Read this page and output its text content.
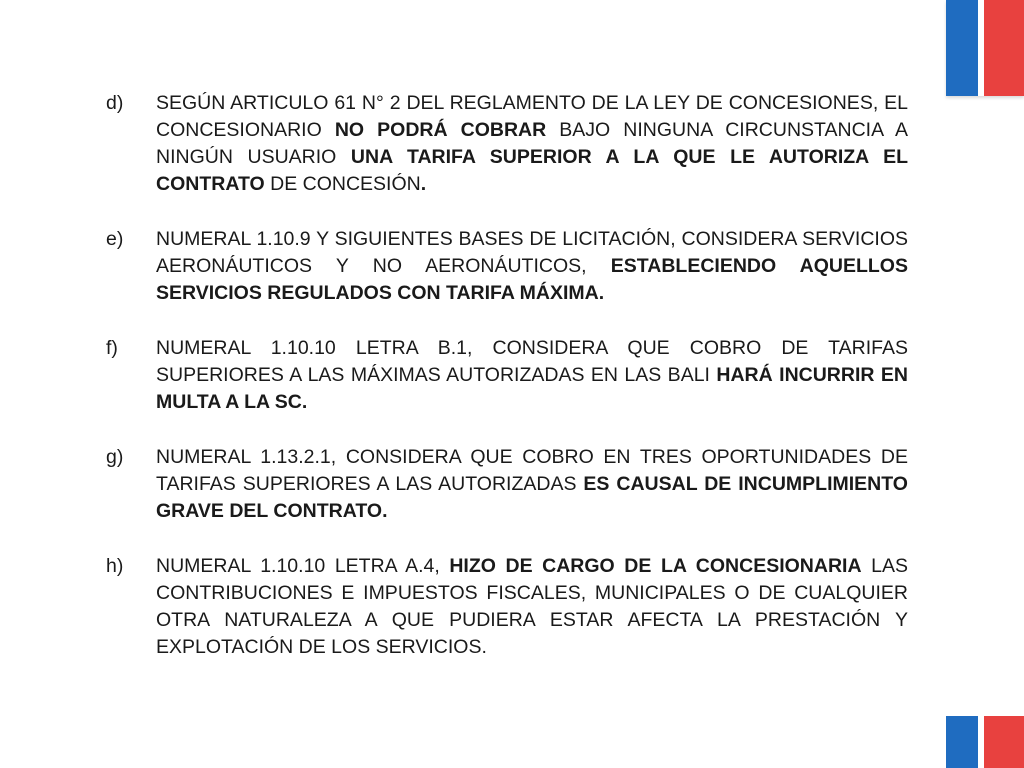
d)	SEGÚN ARTICULO 61 N° 2 DEL REGLAMENTO DE LA LEY DE CONCESIONES, EL CONCESIONARIO NO PODRÁ COBRAR BAJO NINGUNA CIRCUNSTANCIA A NINGÚN USUARIO UNA TARIFA SUPERIOR A LA QUE LE AUTORIZA EL CONTRATO DE CONCESIÓN.
e)	NUMERAL 1.10.9 Y SIGUIENTES BASES DE LICITACIÓN, CONSIDERA SERVICIOS AERONÁUTICOS Y NO AERONÁUTICOS, ESTABLECIENDO AQUELLOS SERVICIOS REGULADOS CON TARIFA MÁXIMA.
f)	NUMERAL 1.10.10 LETRA B.1, CONSIDERA QUE COBRO DE TARIFAS SUPERIORES A LAS MÁXIMAS AUTORIZADAS EN LAS BALI HARÁ INCURRIR EN MULTA A LA SC.
g)	NUMERAL 1.13.2.1, CONSIDERA QUE COBRO EN TRES OPORTUNIDADES DE TARIFAS SUPERIORES A LAS AUTORIZADAS ES CAUSAL DE INCUMPLIMIENTO GRAVE DEL CONTRATO.
h)	NUMERAL 1.10.10 LETRA A.4, HIZO DE CARGO DE LA CONCESIONARIA LAS CONTRIBUCIONES E IMPUESTOS FISCALES, MUNICIPALES O DE CUALQUIER OTRA NATURALEZA A QUE PUDIERA ESTAR AFECTA LA PRESTACIÓN Y EXPLOTACIÓN DE LOS SERVICIOS.
